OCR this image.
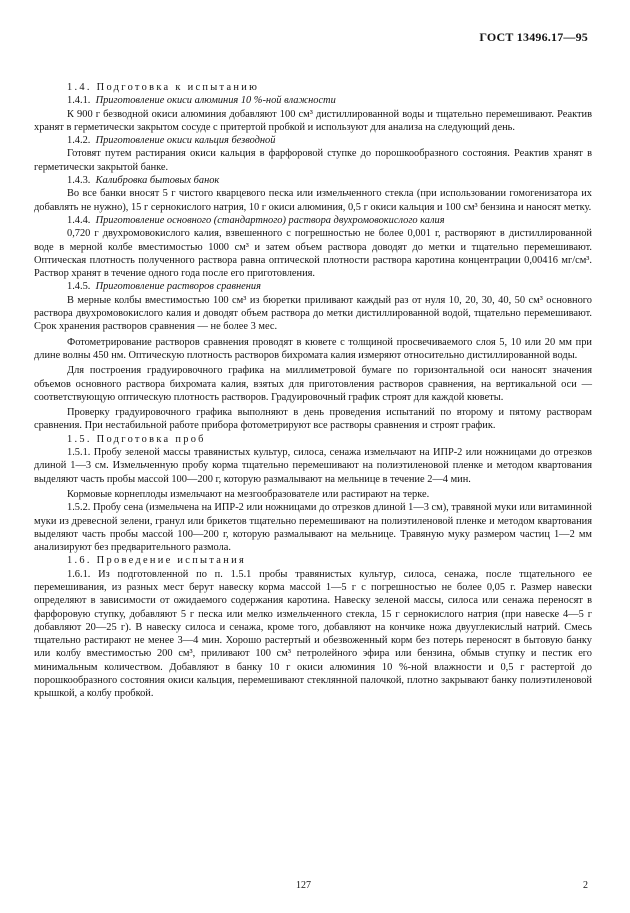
ГОСТ 13496.17—95

1.4. Подготовка к испытанию

1.4.1. Приготовление окиси алюминия 10 %-ной влажности

К 900 г безводной окиси алюминия добавляют 100 см³ дистиллированной воды и тщательно перемешивают. Реактив хранят в герметически закрытом сосуде с притертой пробкой и используют для анализа на следующий день.

1.4.2. Приготовление окиси кальция безводной

Готовят путем растирания окиси кальция в фарфоровой ступке до порошкообразного состояния. Реактив хранят в герметически закрытой банке.

1.4.3. Калибровка бытовых банок

Во все банки вносят 5 г чистого кварцевого песка или измельченного стекла (при использовании гомогенизатора их добавлять не нужно), 15 г сернокислого натрия, 10 г окиси алюминия, 0,5 г окиси кальция и 100 см³ бензина и наносят метку.

1.4.4. Приготовление основного (стандартного) раствора двухромовокислого калия

0,720 г двухромовокислого калия, взвешенного с погрешностью не более 0,001 г, растворяют в дистиллированной воде в мерной колбе вместимостью 1000 см³ и затем объем раствора доводят до метки и тщательно перемешивают. Оптическая плотность полученного раствора равна оптической плотности раствора каротина концентрации 0,00416 мг/см³. Раствор хранят в течение одного года после его приготовления.

1.4.5. Приготовление растворов сравнения

В мерные колбы вместимостью 100 см³ из бюретки приливают каждый раз от нуля 10, 20, 30, 40, 50 см³ основного раствора двухромовокислого калия и доводят объем раствора до метки дистиллированной водой, тщательно перемешивают. Срок хранения растворов сравнения — не более 3 мес.

Фотометрирование растворов сравнения проводят в кювете с толщиной просвечиваемого слоя 5, 10 или 20 мм при длине волны 450 нм. Оптическую плотность растворов бихромата калия измеряют относительно дистиллированной воды.

Для построения градуировочного графика на миллиметровой бумаге по горизонтальной оси наносят значения объемов основного раствора бихромата калия, взятых для приготовления растворов сравнения, на вертикальной оси — соответствующую оптическую плотность растворов. Градуировочный график строят для каждой кюветы.

Проверку градуировочного графика выполняют в день проведения испытаний по второму и пятому растворам сравнения. При нестабильной работе прибора фотометрируют все растворы сравнения и строят график.

1.5. Подготовка проб

1.5.1. Пробу зеленой массы травянистых культур, силоса, сенажа измельчают на ИПР-2 или ножницами до отрезков длиной 1—3 см. Измельченную пробу корма тщательно перемешивают на полиэтиленовой пленке и методом квартования выделяют часть пробы массой 100—200 г, которую размалывают на мельнице в течение 2—4 мин.

Кормовые корнеплоды измельчают на мезгообразователе или растирают на терке.

1.5.2. Пробу сена (измельчена на ИПР-2 или ножницами до отрезков длиной 1—3 см), травяной муки или витаминной муки из древесной зелени, гранул или брикетов тщательно перемешивают на полиэтиленовой пленке и методом квартования выделяют часть пробы массой 100—200 г, которую размалывают на мельнице. Травяную муку размером частиц 1—2 мм анализируют без предварительного размола.

1.6. Проведение испытания

1.6.1. Из подготовленной по п. 1.5.1 пробы травянистых культур, силоса, сенажа, после тщательного ее перемешивания, из разных мест берут навеску корма массой 1—5 г с погрешностью не более 0,05 г. Размер навески определяют в зависимости от ожидаемого содержания каротина. Навеску зеленой массы, силоса или сенажа переносят в фарфоровую ступку, добавляют 5 г песка или мелко измельченного стекла, 15 г сернокислого натрия (при навеске 4—5 г добавляют 20—25 г). В навеску силоса и сенажа, кроме того, добавляют на кончике ножа двууглекислый натрий. Смесь тщательно растирают не менее 3—4 мин. Хорошо растертый и обезвоженный корм без потерь переносят в бытовую банку или колбу вместимостью 200 см³, приливают 100 см³ петролейного эфира или бензина, обмыв ступку и пестик его минимальным количеством. Добавляют в банку 10 г окиси алюминия 10 %-ной влажности и 0,5 г растертой до порошкообразного состояния окиси кальция, перемешивают стеклянной палочкой, плотно закрывают банку полиэтиленовой крышкой, а колбу пробкой.

127	2
